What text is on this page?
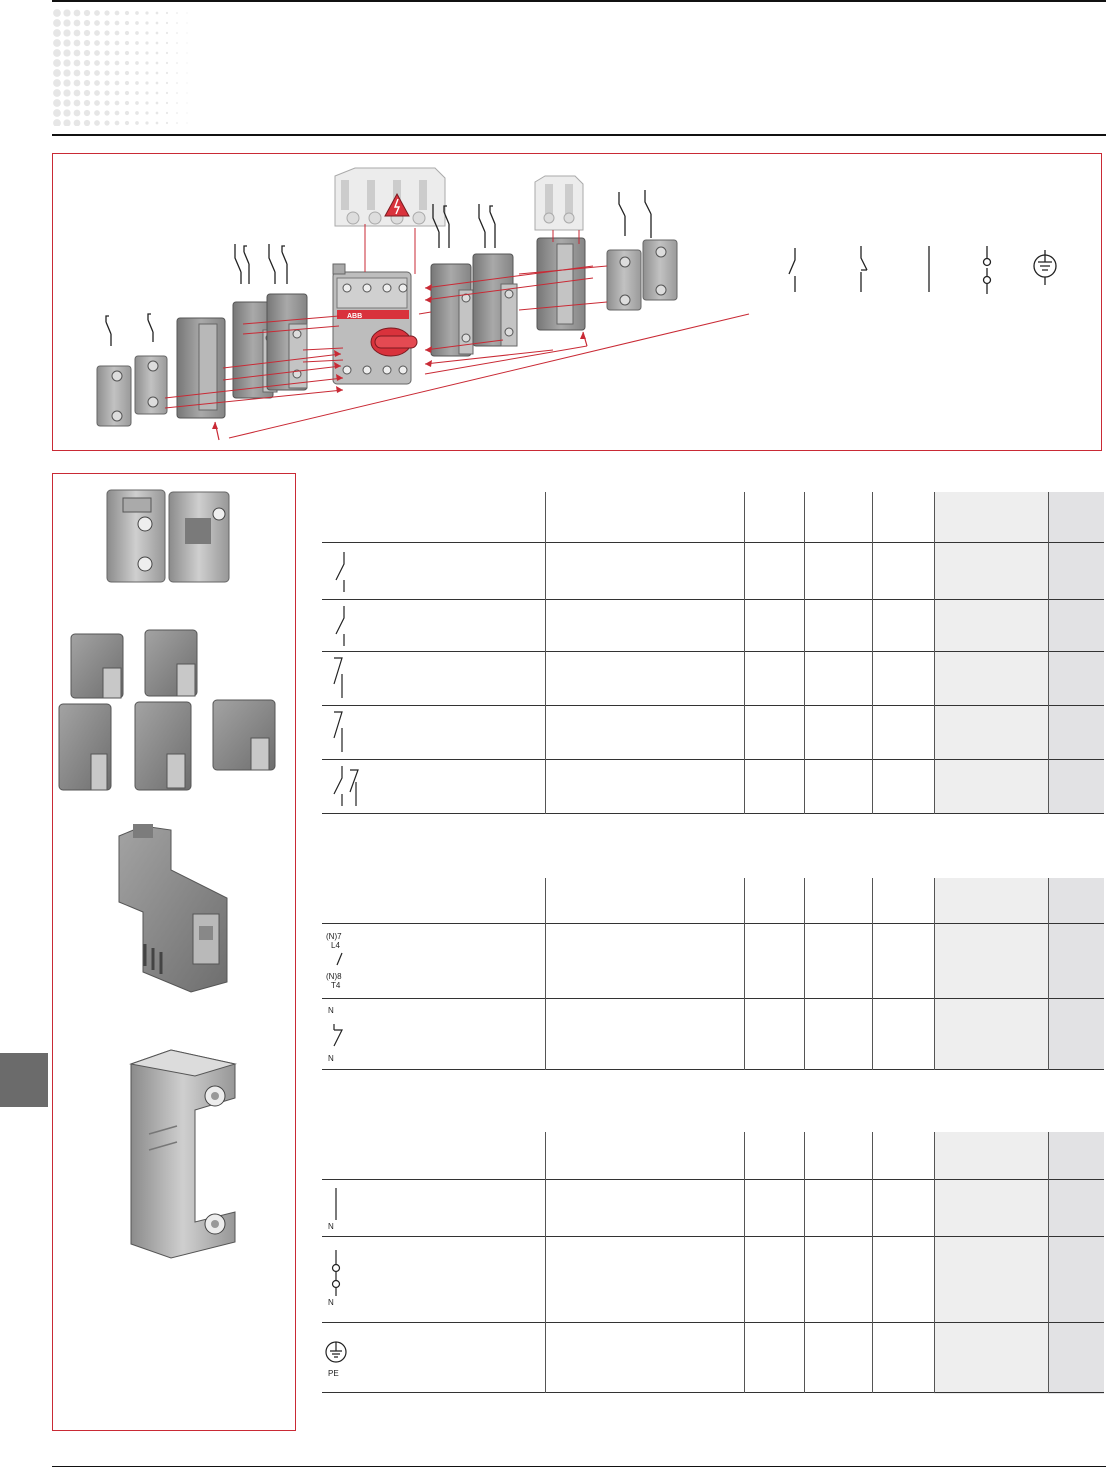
ABB
(N)7
L4
(N)8
T4
N
N
N
N
PE
